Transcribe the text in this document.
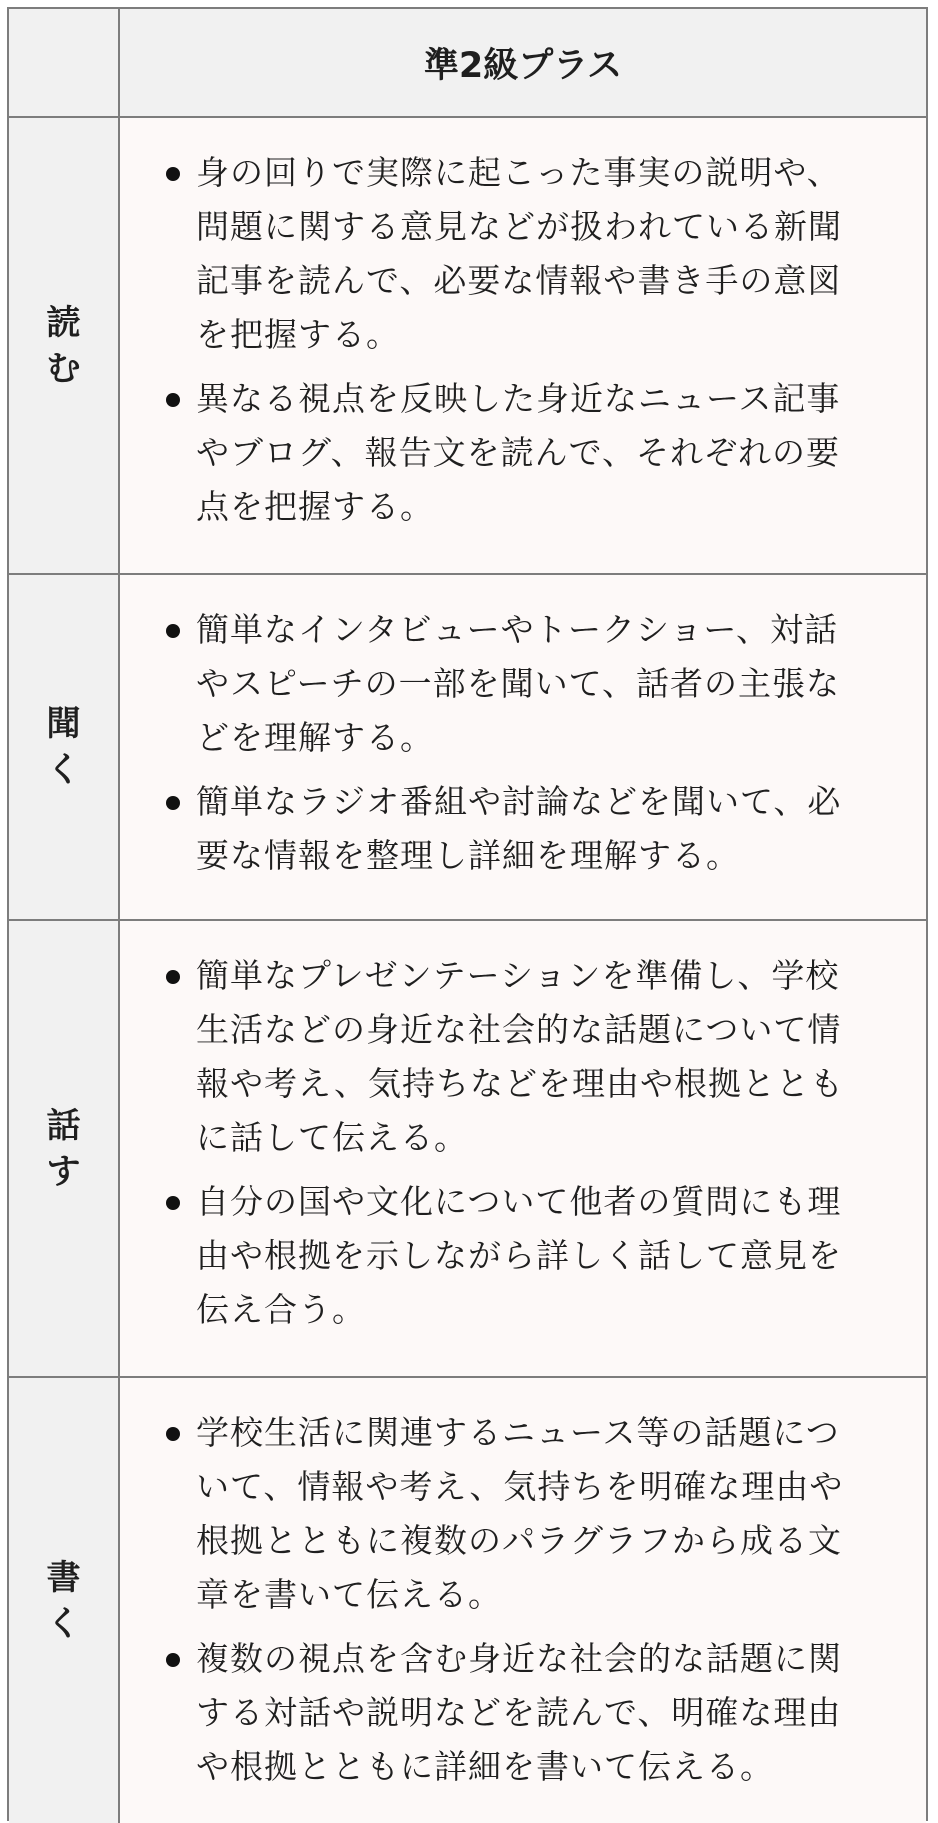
準2級プラス
読
む
身の回りで実際に起こった事実の説明や、問題に関する意見などが扱われている新聞記事を読んで、必要な情報や書き手の意図を把握する。
異なる視点を反映した身近なニュース記事やブログ、報告文を読んで、それぞれの要点を把握する。
聞
く
簡単なインタビューやトークショー、対話やスピーチの一部を聞いて、話者の主張などを理解する。
簡単なラジオ番組や討論などを聞いて、必要な情報を整理し詳細を理解する。
話
す
簡単なプレゼンテーションを準備し、学校生活などの身近な社会的な話題について情報や考え、気持ちなどを理由や根拠とともに話して伝える。
自分の国や文化について他者の質問にも理由や根拠を示しながら詳しく話して意見を伝え合う。
書
く
学校生活に関連するニュース等の話題について、情報や考え、気持ちを明確な理由や根拠とともに複数のパラグラフから成る文章を書いて伝える。
複数の視点を含む身近な社会的な話題に関する対話や説明などを読んで、明確な理由や根拠とともに詳細を書いて伝える。
